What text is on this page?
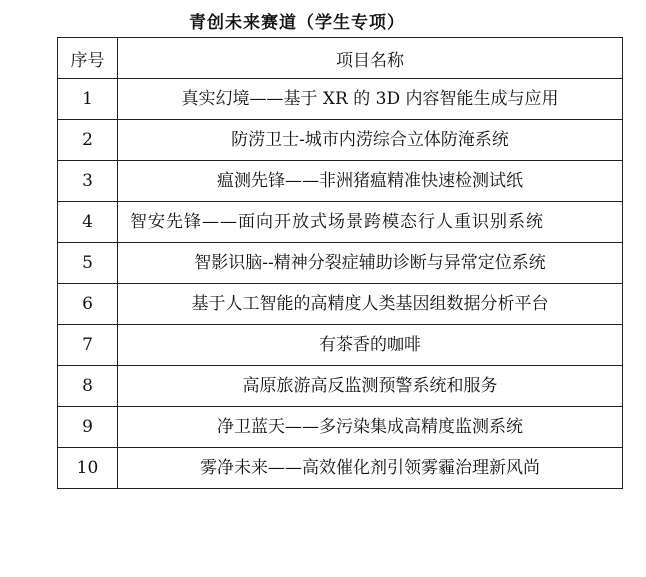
青创未来赛道（学生专项）
序号	项目名称
1	真实幻境——基于 XR 的 3D 内容智能生成与应用
2	防涝卫士-城市内涝综合立体防淹系统
3	瘟测先锋——非洲猪瘟精准快速检测试纸
4	智安先锋——面向开放式场景跨模态行人重识别系统

5	智影识脑--精神分裂症辅助诊断与异常定位系统
6	基于人工智能的高精度人类基因组数据分析平台
7	有茶香的咖啡
8	高原旅游高反监测预警系统和服务
9	净卫蓝天——多污染集成高精度监测系统
10	雾净未来——高效催化剂引领雾霾治理新风尚
